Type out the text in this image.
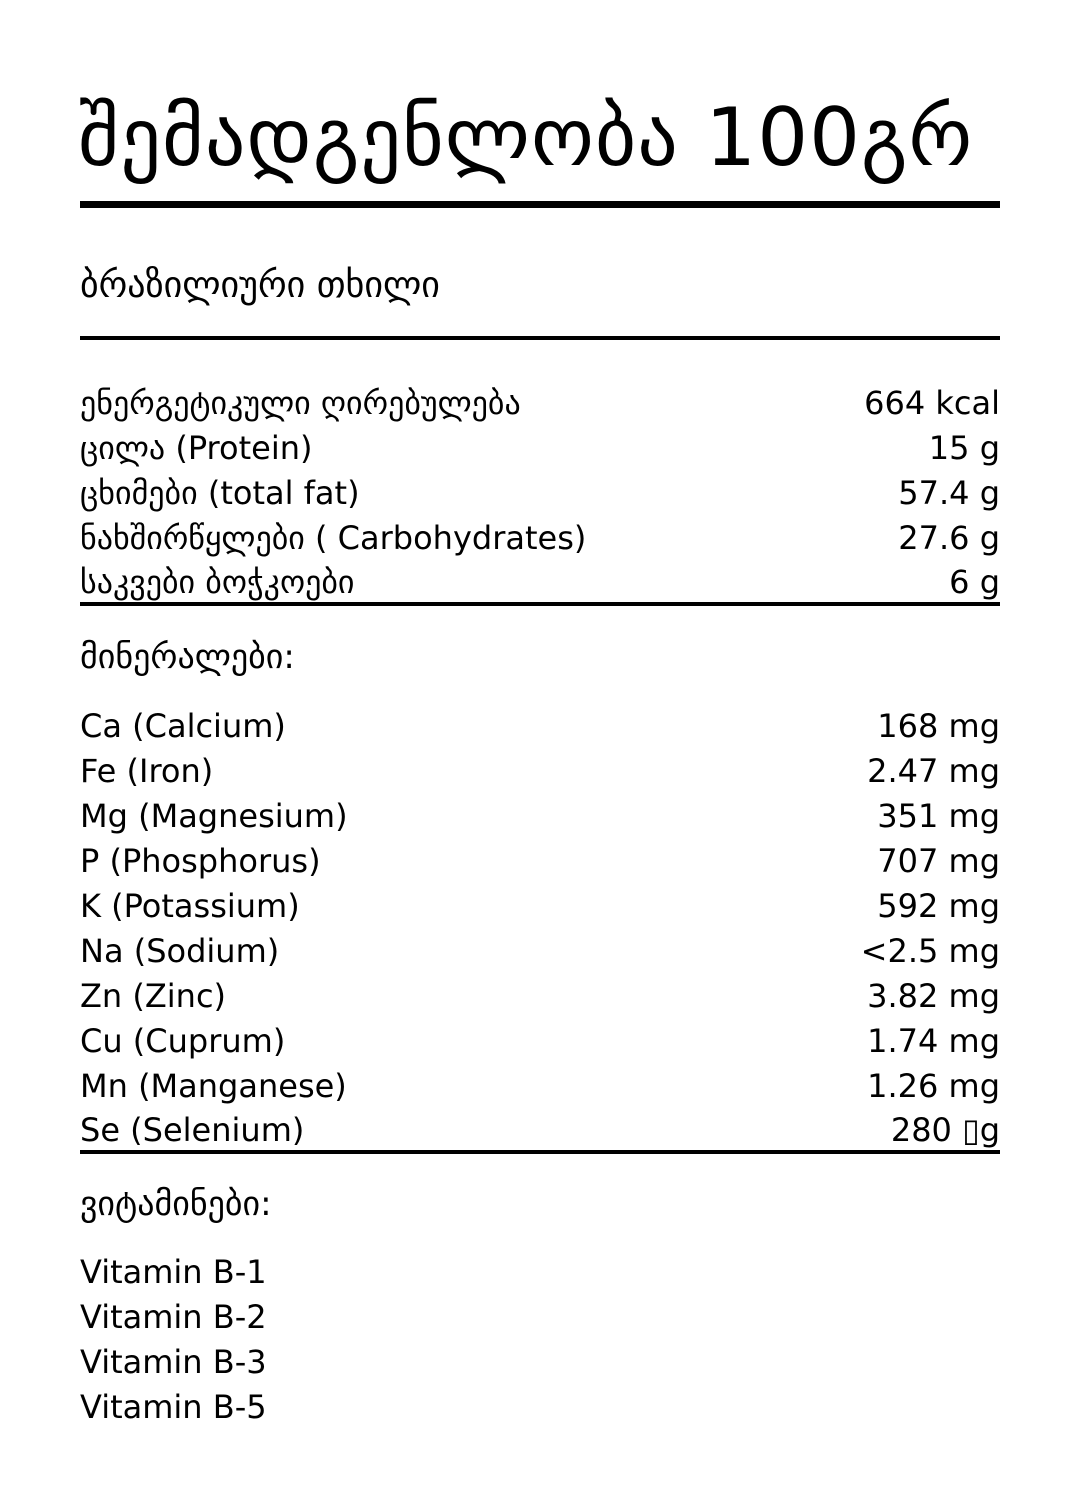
შემადგენლობა 100გრ
ბრაზილიური თხილი
ენერგეტიკული ღირებულება	664 kcal
ცილა (Protein)	15 g
ცხიმები (total fat)	57.4 g
ნახშირწყლები ( Carbohydrates)	27.6 g
საკვები ბოჭკოები	6 g
მინერალები:
Ca (Calcium)	168 mg
Fe (Iron)	2.47 mg
Mg (Magnesium)	351 mg
P (Phosphorus)	707 mg
K (Potassium)	592 mg
Na (Sodium)	<2.5 mg
Zn (Zinc)	3.82 mg
Cu (Cuprum)	1.74 mg
Mn (Manganese)	1.26 mg
Se (Selenium)	280 ▯g
ვიტამინები:
Vitamin B-1
Vitamin B-2
Vitamin B-3
Vitamin B-5
